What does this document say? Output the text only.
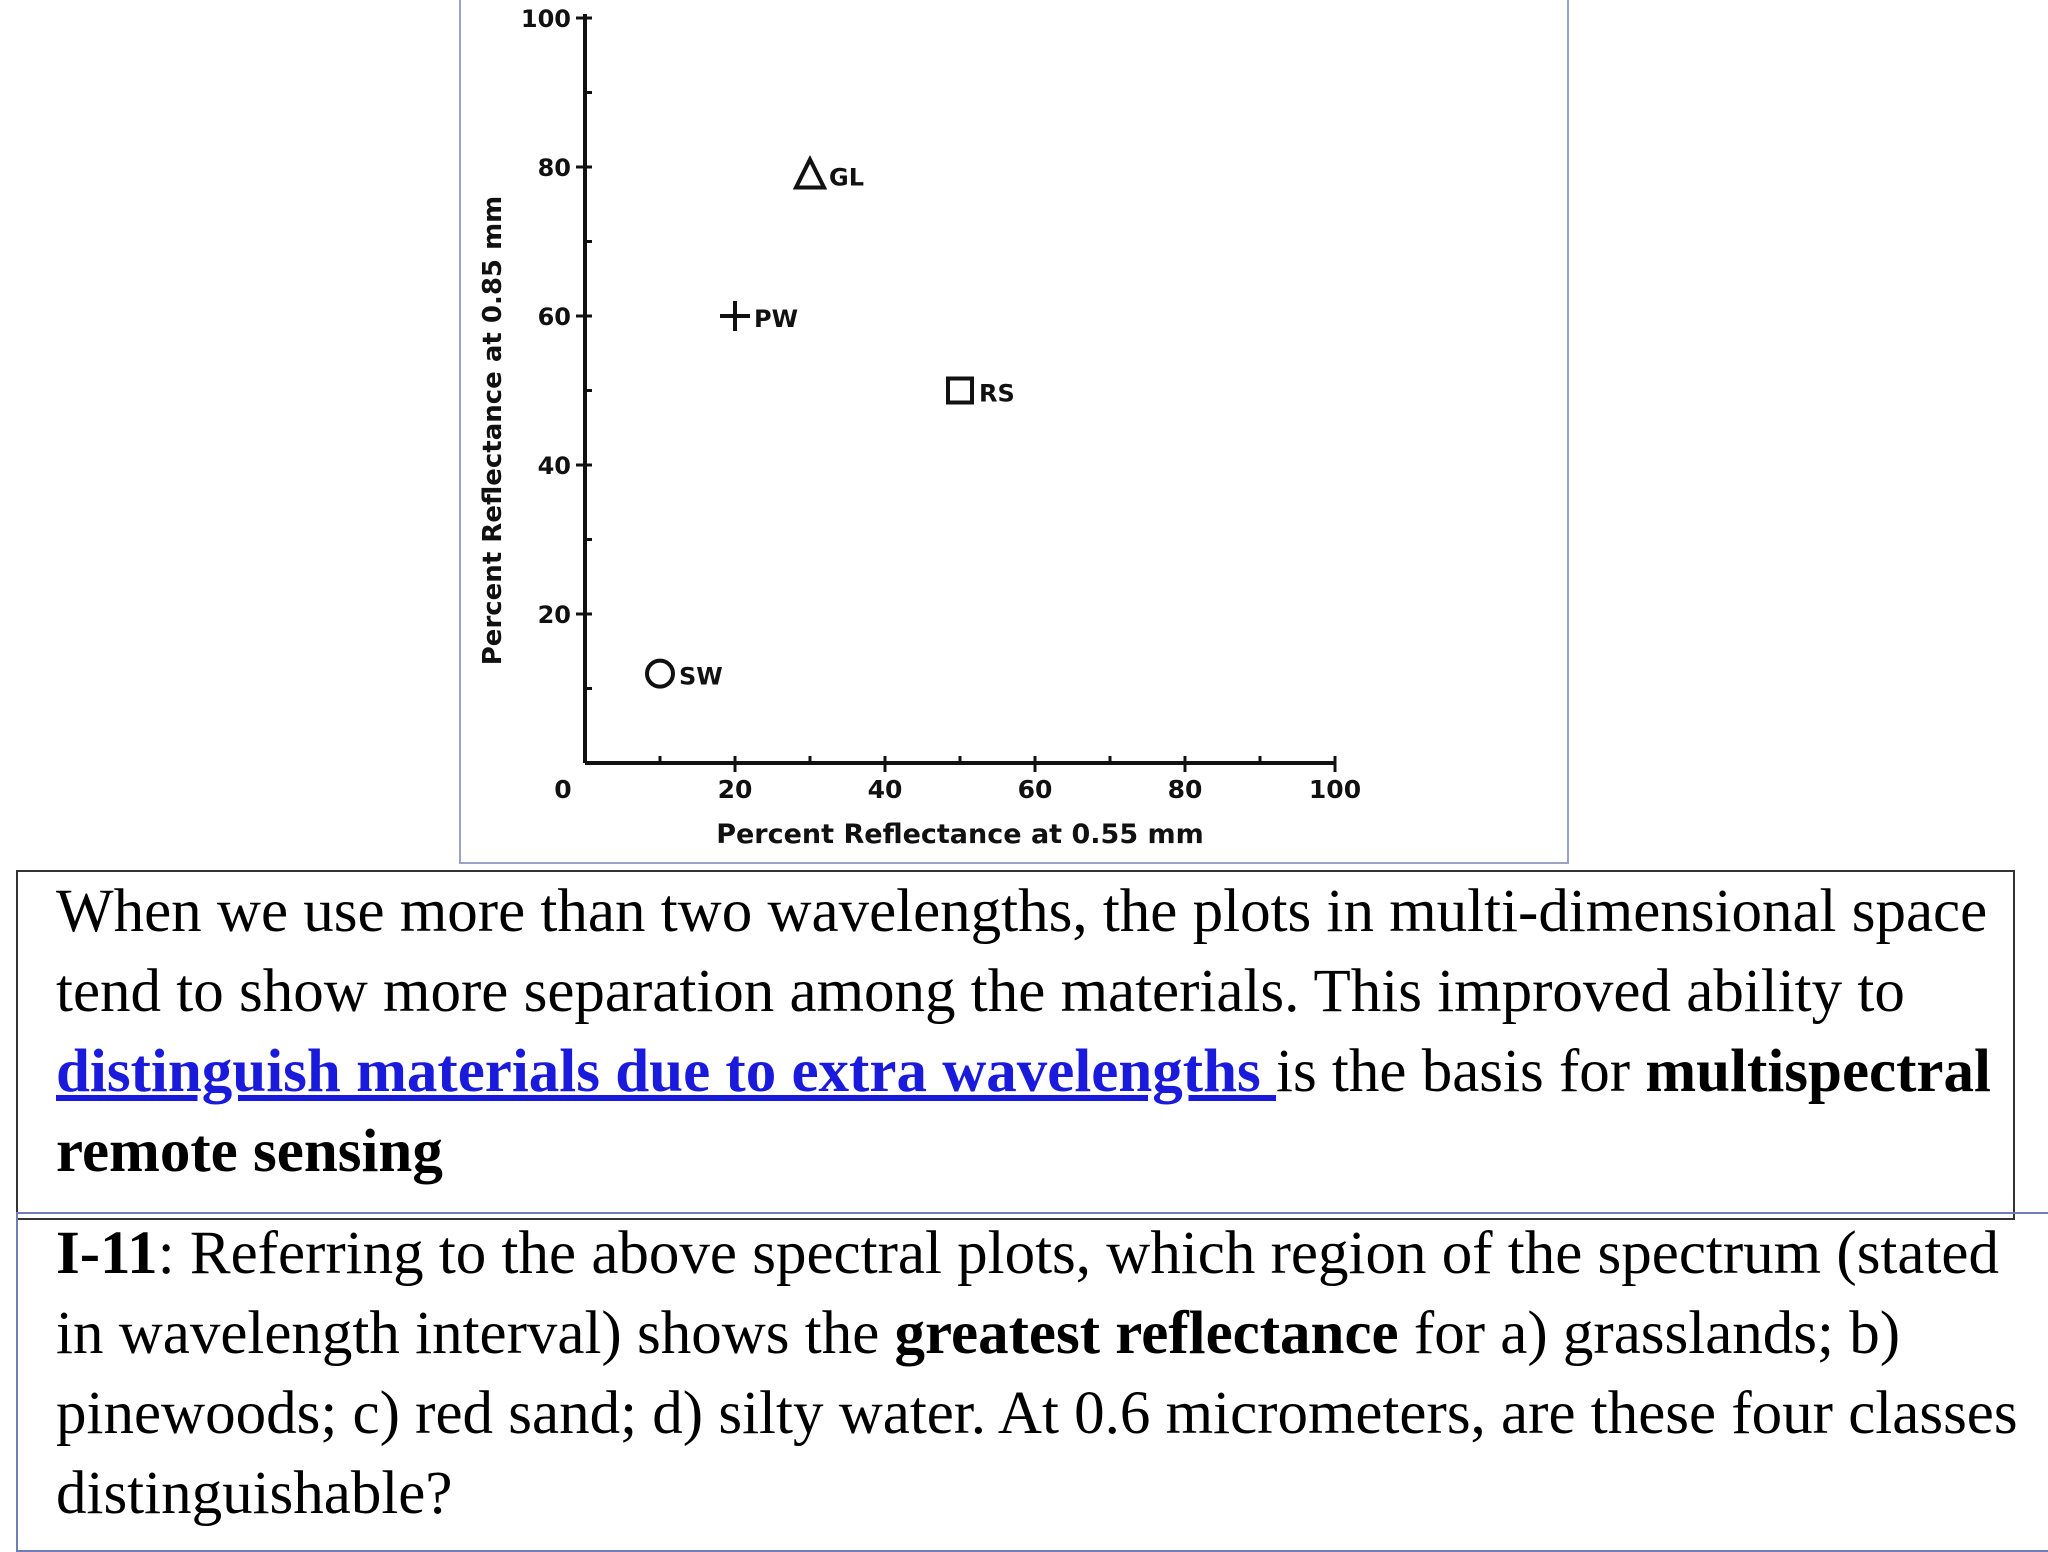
0	20	40	60	80	100
100
80
60
40
20
Percent Reflectance at 0.55 mm
Percent Reflectance at 0.85 mm
GL
PW
RS
SW
When we use more than two wavelengths, the plots in multi-dimensional space tend to show more separation among the materials. This improved ability to distinguish materials due to extra wavelengths is the basis for multispectral remote sensing
I-11: Referring to the above spectral plots, which region of the spectrum (stated in wavelength interval) shows the greatest reflectance for a) grasslands; b) pinewoods; c) red sand; d) silty water. At 0.6 micrometers, are these four classes distinguishable?
